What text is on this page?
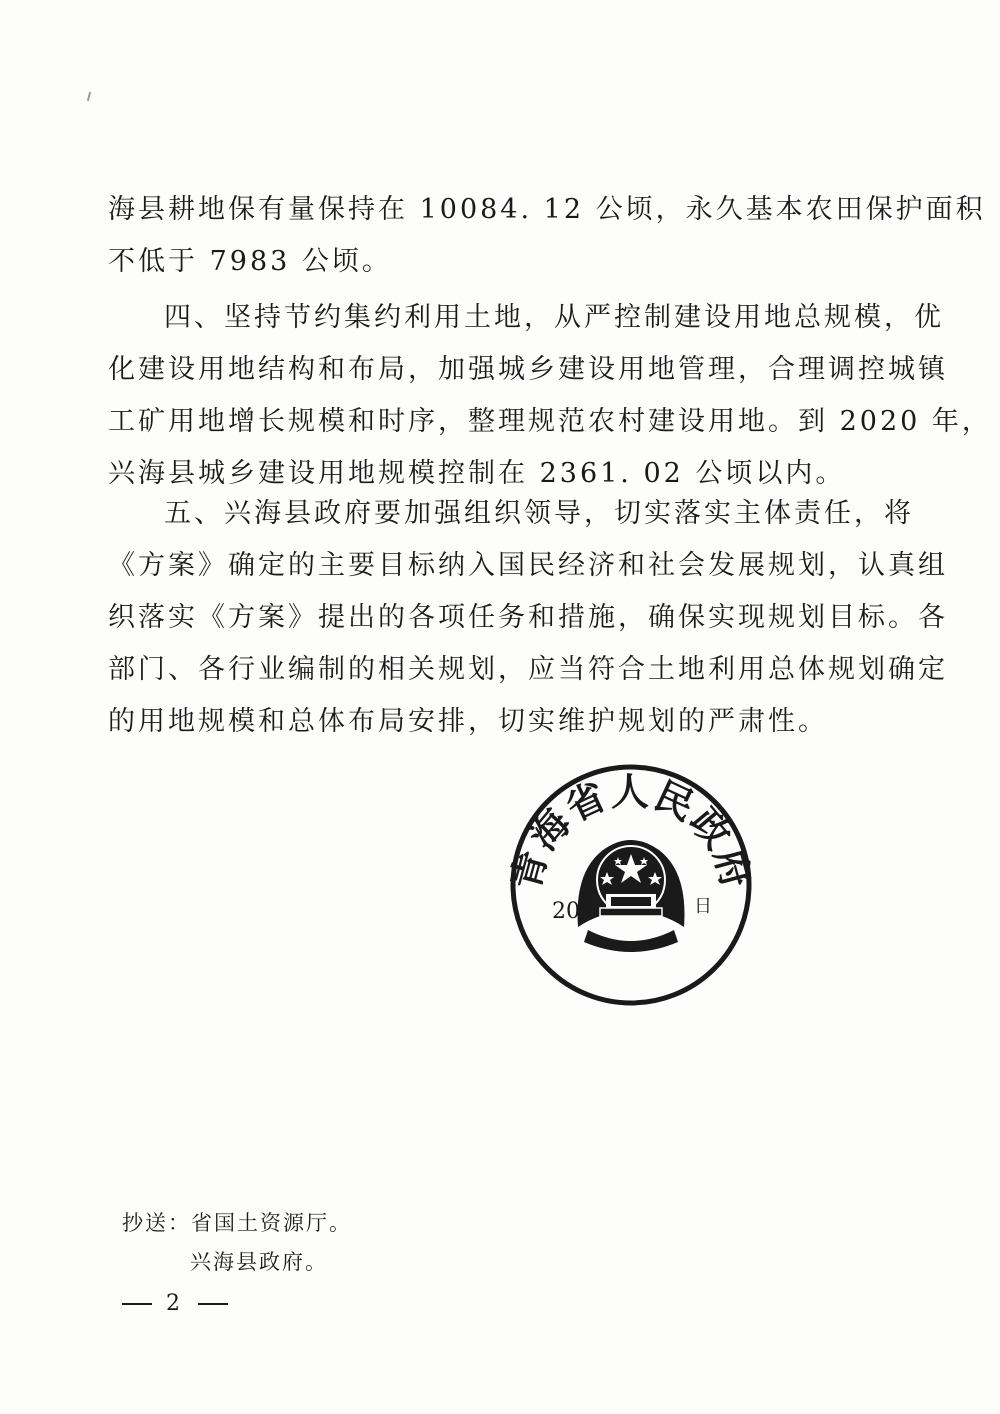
海县耕地保有量保持在 10084. 12 公顷，永久基本农田保护面积
不低于 7983 公顷。
四、坚持节约集约利用土地，从严控制建设用地总规模，优
化建设用地结构和布局，加强城乡建设用地管理，合理调控城镇
工矿用地增长规模和时序，整理规范农村建设用地。到 2020 年，
兴海县城乡建设用地规模控制在 2361. 02 公顷以内。
五、兴海县政府要加强组织领导，切实落实主体责任，将
《方案》确定的主要目标纳入国民经济和社会发展规划，认真组
织落实《方案》提出的各项任务和措施，确保实现规划目标。各
部门、各行业编制的相关规划，应当符合土地利用总体规划确定
的用地规模和总体布局安排，切实维护规划的严肃性。
海省人民政
20	日
抄送：省国土资源厅。
兴海县政府。
2
